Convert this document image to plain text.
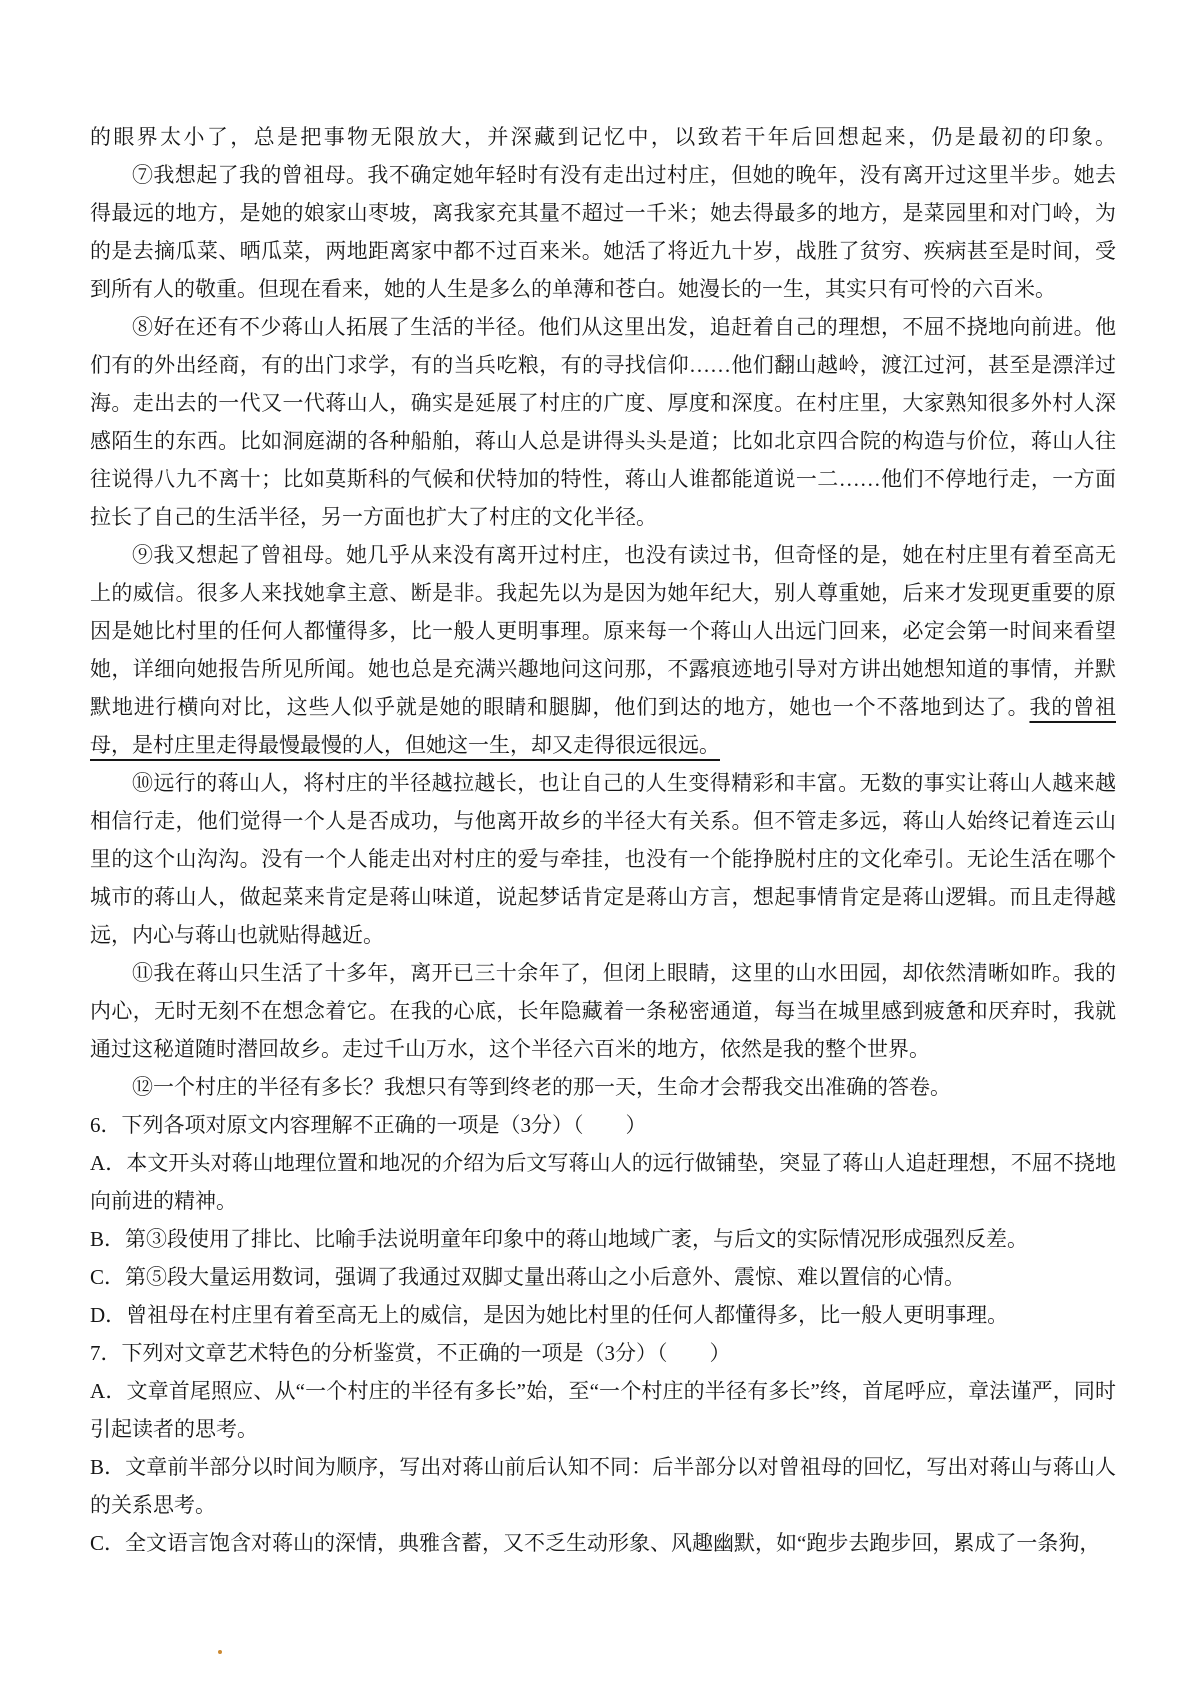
的眼界太小了，总是把事物无限放大，并深藏到记忆中，以致若干年后回想起来，仍是最初的印象。

⑦我想起了我的曾祖母。我不确定她年轻时有没有走出过村庄，但她的晚年，没有离开过这里半步。她去得最远的地方，是她的娘家山枣坡，离我家充其量不超过一千米；她去得最多的地方，是菜园里和对门岭，为的是去摘瓜菜、晒瓜菜，两地距离家中都不过百来米。她活了将近九十岁，战胜了贫穷、疾病甚至是时间，受到所有人的敬重。但现在看来，她的人生是多么的单薄和苍白。她漫长的一生，其实只有可怜的六百米。

⑧好在还有不少蒋山人拓展了生活的半径。他们从这里出发，追赶着自己的理想，不屈不挠地向前进。他们有的外出经商，有的出门求学，有的当兵吃粮，有的寻找信仰……他们翻山越岭，渡江过河，甚至是漂洋过海。走出去的一代又一代蒋山人，确实是延展了村庄的广度、厚度和深度。在村庄里，大家熟知很多外村人深感陌生的东西。比如洞庭湖的各种船舶，蒋山人总是讲得头头是道；比如北京四合院的构造与价位，蒋山人往往说得八九不离十；比如莫斯科的气候和伏特加的特性，蒋山人谁都能道说一二……他们不停地行走，一方面拉长了自己的生活半径，另一方面也扩大了村庄的文化半径。

⑨我又想起了曾祖母。她几乎从来没有离开过村庄，也没有读过书，但奇怪的是，她在村庄里有着至高无上的威信。很多人来找她拿主意、断是非。我起先以为是因为她年纪大，别人尊重她，后来才发现更重要的原因是她比村里的任何人都懂得多，比一般人更明事理。原来每一个蒋山人出远门回来，必定会第一时间来看望她，详细向她报告所见所闻。她也总是充满兴趣地问这问那，不露痕迹地引导对方讲出她想知道的事情，并默默地进行横向对比，这些人似乎就是她的眼睛和腿脚，他们到达的地方，她也一个不落地到达了。我的曾祖母，是村庄里走得最慢最慢的人，但她这一生，却又走得很远很远。

⑩远行的蒋山人，将村庄的半径越拉越长，也让自己的人生变得精彩和丰富。无数的事实让蒋山人越来越相信行走，他们觉得一个人是否成功，与他离开故乡的半径大有关系。但不管走多远，蒋山人始终记着连云山里的这个山沟沟。没有一个人能走出对村庄的爱与牵挂，也没有一个能挣脱村庄的文化牵引。无论生活在哪个城市的蒋山人，做起菜来肯定是蒋山味道，说起梦话肯定是蒋山方言，想起事情肯定是蒋山逻辑。而且走得越远，内心与蒋山也就贴得越近。

⑪我在蒋山只生活了十多年，离开已三十余年了，但闭上眼睛，这里的山水田园，却依然清晰如昨。我的内心，无时无刻不在想念着它。在我的心底，长年隐藏着一条秘密通道，每当在城里感到疲惫和厌弃时，我就通过这秘道随时潜回故乡。走过千山万水，这个半径六百米的地方，依然是我的整个世界。

⑫一个村庄的半径有多长？我想只有等到终老的那一天，生命才会帮我交出准确的答卷。

6．下列各项对原文内容理解不正确的一项是（3分）（　　）

A．本文开头对蒋山地理位置和地况的介绍为后文写蒋山人的远行做铺垫，突显了蒋山人追赶理想，不屈不挠地向前进的精神。

B．第③段使用了排比、比喻手法说明童年印象中的蒋山地域广袤，与后文的实际情况形成强烈反差。

C．第⑤段大量运用数词，强调了我通过双脚丈量出蒋山之小后意外、震惊、难以置信的心情。

D．曾祖母在村庄里有着至高无上的威信，是因为她比村里的任何人都懂得多，比一般人更明事理。

7．下列对文章艺术特色的分析鉴赏，不正确的一项是（3分）（　　）

A．文章首尾照应、从“一个村庄的半径有多长”始，至“一个村庄的半径有多长”终，首尾呼应，章法谨严，同时引起读者的思考。

B．文章前半部分以时间为顺序，写出对蒋山前后认知不同：后半部分以对曾祖母的回忆，写出对蒋山与蒋山人的关系思考。

C．全文语言饱含对蒋山的深情，典雅含蓄，又不乏生动形象、风趣幽默，如“跑步去跑步回，累成了一条狗，
